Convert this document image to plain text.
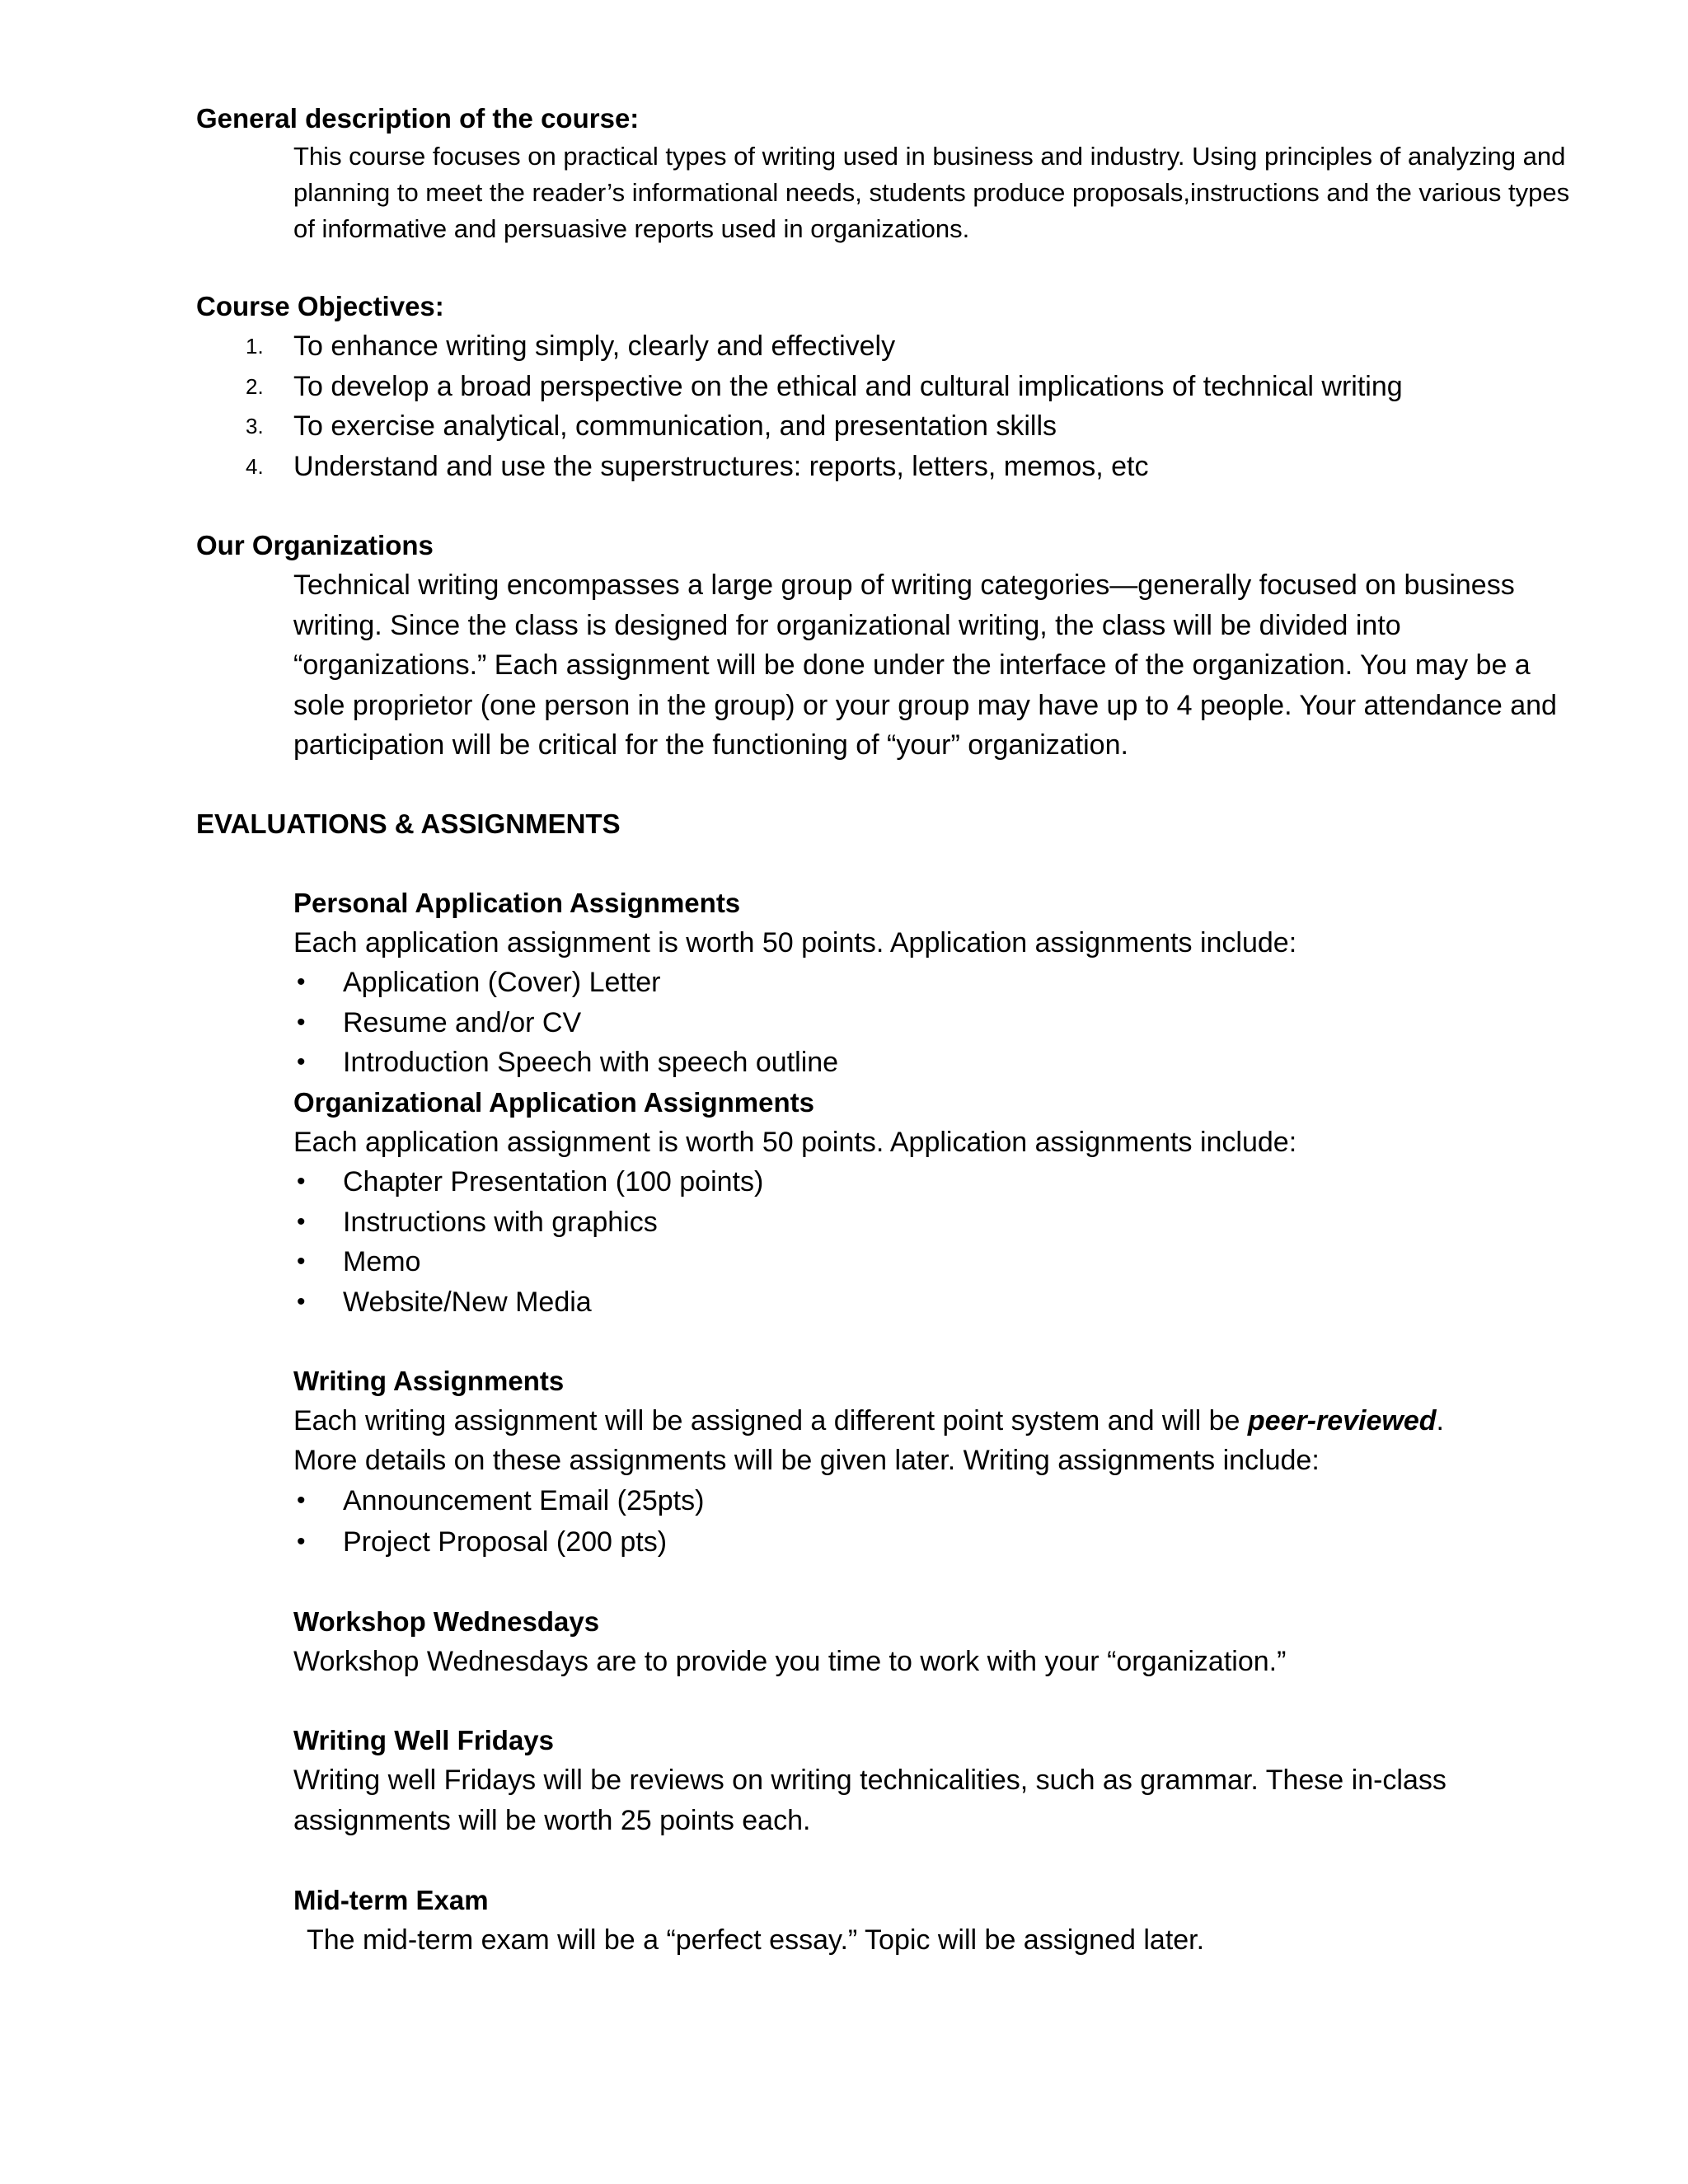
General description of the course:
This course focuses on practical types of writing used in business and industry. Using principles of analyzing and planning to meet the reader’s informational needs, students produce proposals,instructions and the various types of informative and persuasive reports used in organizations.
Course Objectives:
1. To enhance writing simply, clearly and effectively
2. To develop a broad perspective on the ethical and cultural implications of technical writing
3. To exercise analytical, communication, and presentation skills
4. Understand and use the superstructures: reports, letters, memos, etc
Our Organizations
Technical writing encompasses a large group of writing categories—generally focused on business writing. Since the class is designed for organizational writing, the class will be divided into “organizations.” Each assignment will be done under the interface of the organization. You may be a sole proprietor (one person in the group) or your group may have up to 4 people. Your attendance and participation will be critical for the functioning of “your” organization.
EVALUATIONS & ASSIGNMENTS
Personal Application Assignments
Each application assignment is worth 50 points. Application assignments include:
• Application (Cover) Letter
• Resume and/or CV
• Introduction Speech with speech outline
Organizational Application Assignments
Each application assignment is worth 50 points. Application assignments include:
• Chapter Presentation (100 points)
• Instructions with graphics
• Memo
• Website/New Media
Writing Assignments
Each writing assignment will be assigned a different point system and will be peer-reviewed.
More details on these assignments will be given later. Writing assignments include:
• Announcement Email (25pts)
• Project Proposal (200 pts)
Workshop Wednesdays
Workshop Wednesdays are to provide you time to work with your “organization.”
Writing Well Fridays
Writing well Fridays will be reviews on writing technicalities, such as grammar. These in-class assignments will be worth 25 points each.
Mid-term Exam
The mid-term exam will be a “perfect essay.” Topic will be assigned later.
